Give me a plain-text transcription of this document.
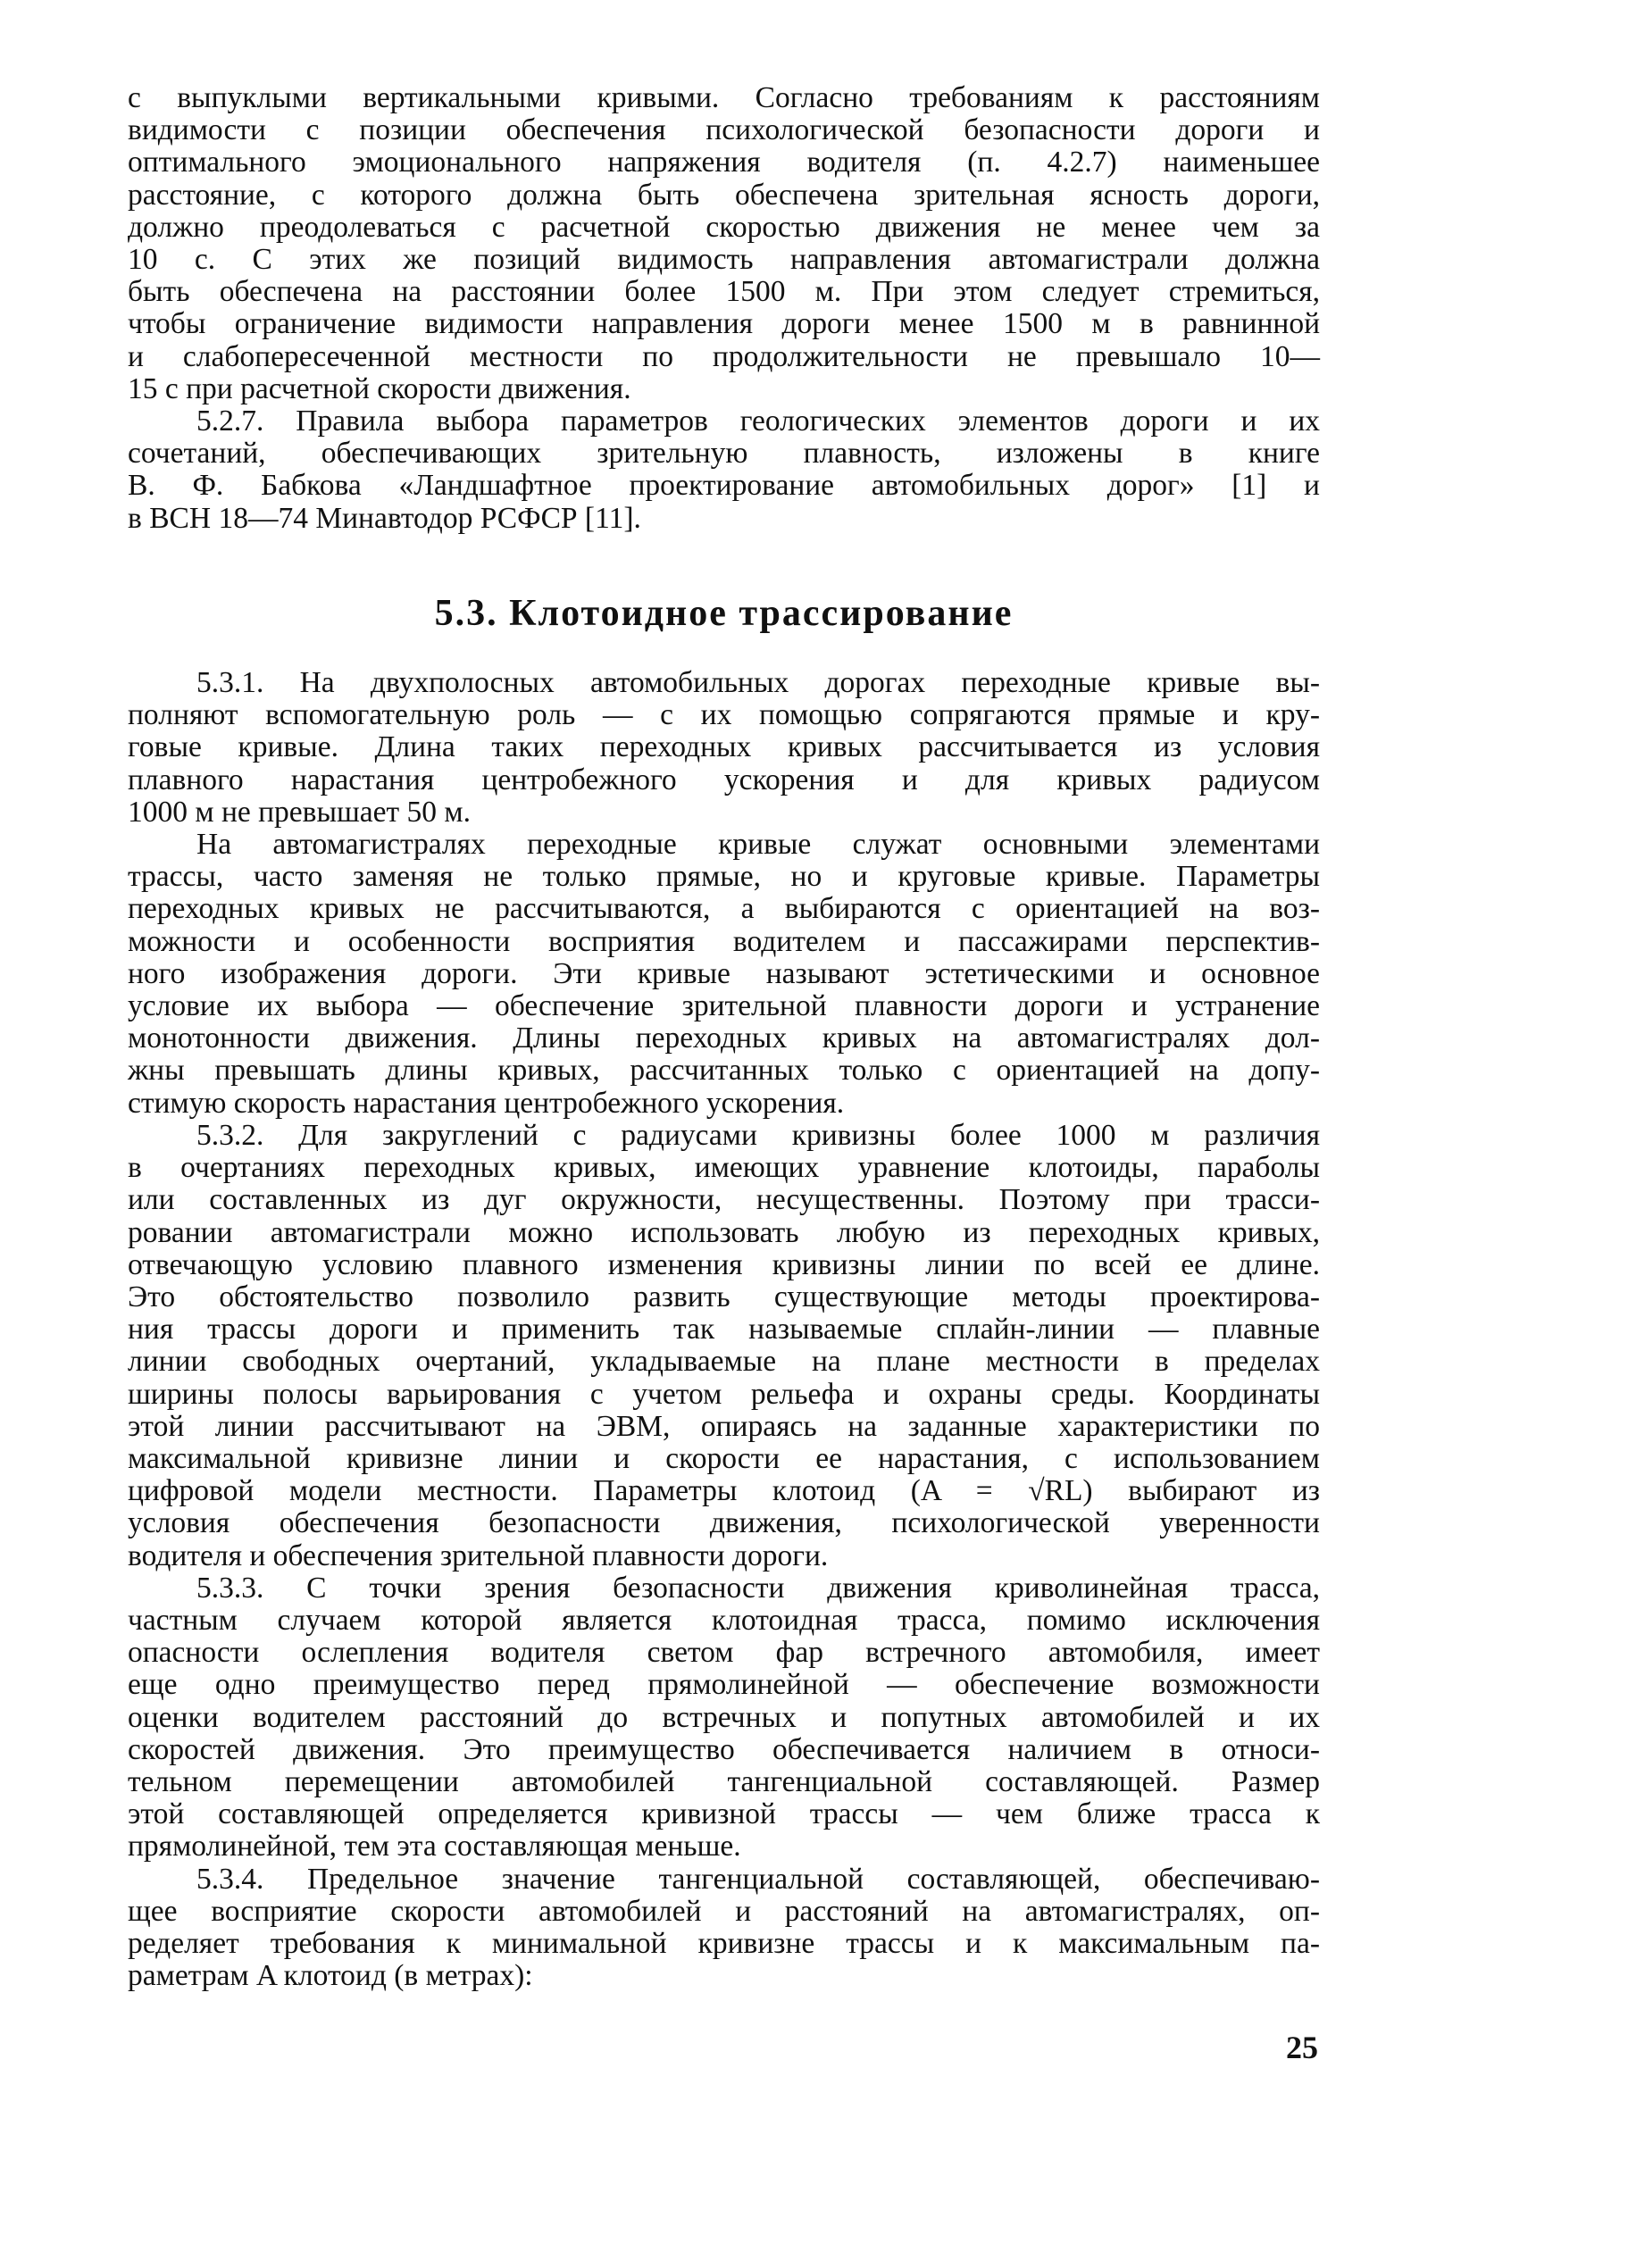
с выпуклыми вертикальными кривыми. Согласно требованиям к расстояниям
видимости с позиции обеспечения психологической безопасности дороги и
оптимального эмоционального напряжения водителя (п. 4.2.7) наименьшее
расстояние, с которого должна быть обеспечена зрительная ясность дороги,
должно преодолеваться с расчетной скоростью движения не менее чем за
10 с. С этих же позиций видимость направления автомагистрали должна
быть обеспечена на расстоянии более 1500 м. При этом следует стремиться,
чтобы ограничение видимости направления дороги менее 1500 м в равнинной
и слабопересеченной местности по продолжительности не превышало 10—
15 с при расчетной скорости движения.

5.2.7. Правила выбора параметров геологических элементов дороги и их
сочетаний, обеспечивающих зрительную плавность, изложены в книге
В. Ф. Бабкова «Ландшафтное проектирование автомобильных дорог» [1] и
в ВСН 18—74 Минавтодор РСФСР [11].

5.3. Клотоидное трассирование

5.3.1. На двухполосных автомобильных дорогах переходные кривые вы-
полняют вспомогательную роль — с их помощью сопрягаются прямые и кру-
говые кривые. Длина таких переходных кривых рассчитывается из условия
плавного нарастания центробежного ускорения и для кривых радиусом
1000 м не превышает 50 м.

На автомагистралях переходные кривые служат основными элементами
трассы, часто заменяя не только прямые, но и круговые кривые. Параметры
переходных кривых не рассчитываются, а выбираются с ориентацией на воз-
можности и особенности восприятия водителем и пассажирами перспектив-
ного изображения дороги. Эти кривые называют эстетическими и основное
условие их выбора — обеспечение зрительной плавности дороги и устранение
монотонности движения. Длины переходных кривых на автомагистралях дол-
жны превышать длины кривых, рассчитанных только с ориентацией на допу-
стимую скорость нарастания центробежного ускорения.

5.3.2. Для закруглений с радиусами кривизны более 1000 м различия
в очертаниях переходных кривых, имеющих уравнение клотоиды, параболы
или составленных из дуг окружности, несущественны. Поэтому при трасси-
ровании автомагистрали можно использовать любую из переходных кривых,
отвечающую условию плавного изменения кривизны линии по всей ее длине.
Это обстоятельство позволило развить существующие методы проектирова-
ния трассы дороги и применить так называемые сплайн-линии — плавные
линии свободных очертаний, укладываемые на плане местности в пределах
ширины полосы варьирования с учетом рельефа и охраны среды. Координаты
этой линии рассчитывают на ЭВМ, опираясь на заданные характеристики по
максимальной кривизне линии и скорости ее нарастания, с использованием
цифровой модели местности. Параметры клотоид (A = √RL) выбирают из
условия обеспечения безопасности движения, психологической уверенности
водителя и обеспечения зрительной плавности дороги.

5.3.3. С точки зрения безопасности движения криволинейная трасса,
частным случаем которой является клотоидная трасса, помимо исключения
опасности ослепления водителя светом фар встречного автомобиля, имеет
еще одно преимущество перед прямолинейной — обеспечение возможности
оценки водителем расстояний до встречных и попутных автомобилей и их
скоростей движения. Это преимущество обеспечивается наличием в относи-
тельном перемещении автомобилей тангенциальной составляющей. Размер
этой составляющей определяется кривизной трассы — чем ближе трасса к
прямолинейной, тем эта составляющая меньше.

5.3.4. Предельное значение тангенциальной составляющей, обеспечиваю-
щее восприятие скорости автомобилей и расстояний на автомагистралях, оп-
ределяет требования к минимальной кривизне трассы и к максимальным па-
раметрам A клотоид (в метрах):

25
